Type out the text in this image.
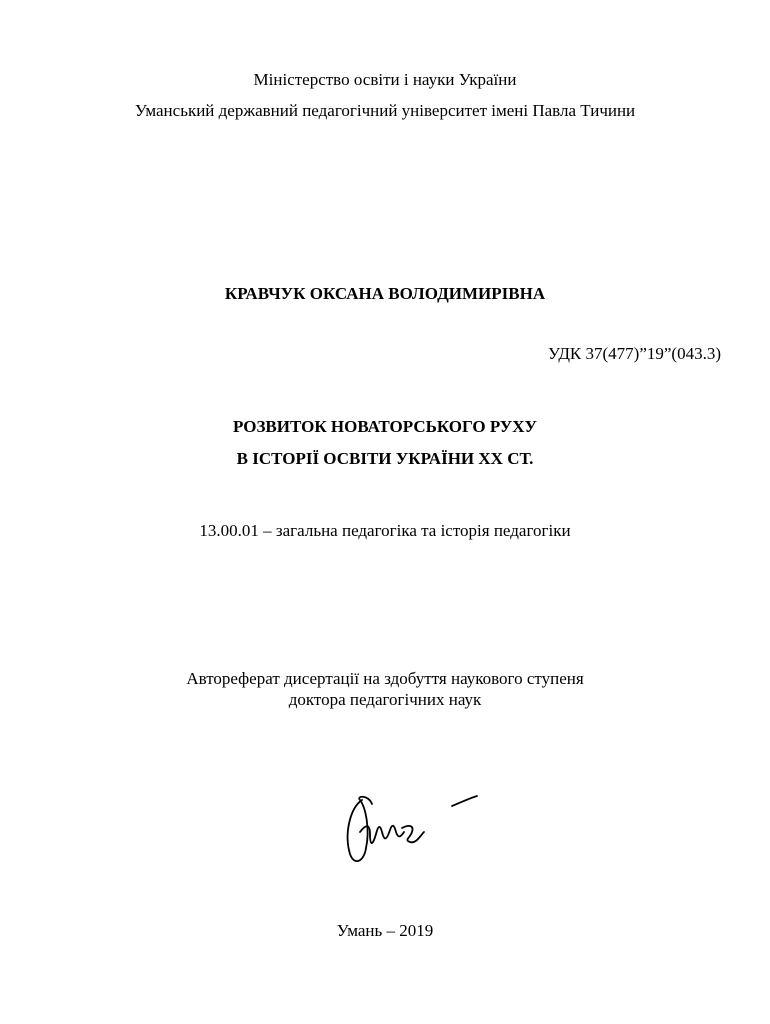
Міністерство освіти і науки України
Уманський державний педагогічний університет імені Павла Тичини
КРАВЧУК ОКСАНА ВОЛОДИМИРІВНА
УДК 37(477)”19”(043.3)
РОЗВИТОК НОВАТОРСЬКОГО РУХУ
В ІСТОРІЇ ОСВІТИ УКРАЇНИ ХХ СТ.
13.00.01 – загальна педагогіка та історія педагогіки
Автореферат дисертації на здобуття наукового ступеня
доктора педагогічних наук
Умань – 2019
